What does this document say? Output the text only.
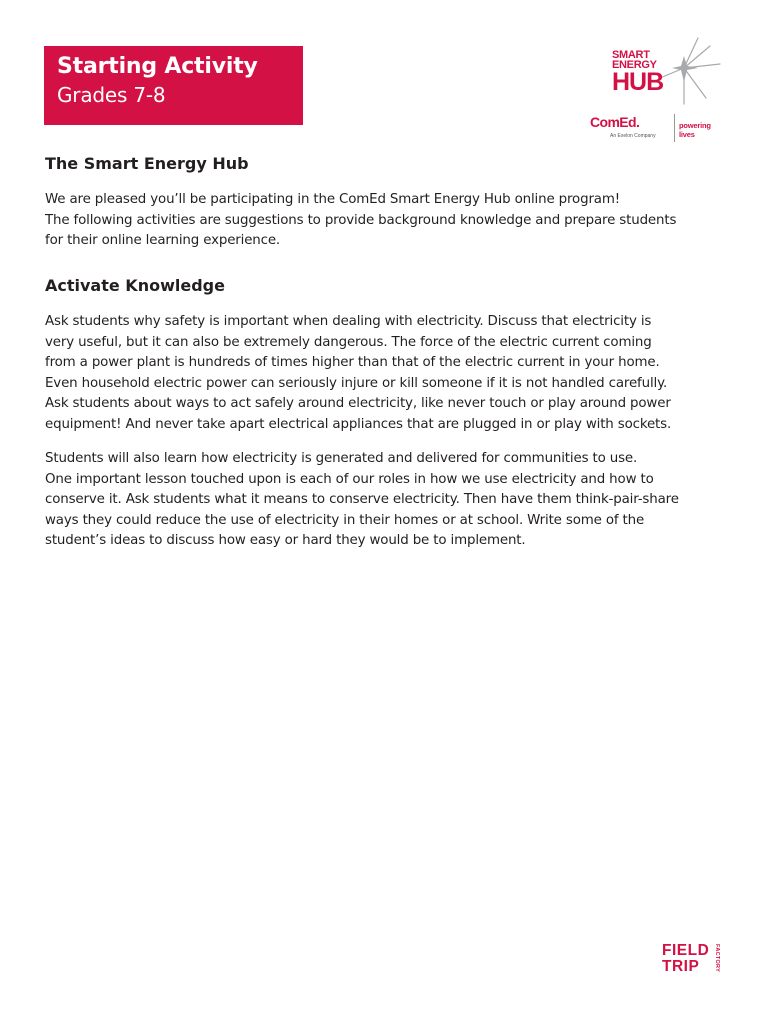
Starting Activity
Grades 7-8
SMART
ENERGY
HUB
ComEd.
An Exelon Company
powering lives
The Smart Energy Hub
We are pleased you’ll be participating in the ComEd Smart Energy Hub online program!
The following activities are suggestions to provide background knowledge and prepare students
for their online learning experience.
Activate Knowledge
Ask students why safety is important when dealing with electricity. Discuss that electricity is
very useful, but it can also be extremely dangerous. The force of the electric current coming
from a power plant is hundreds of times higher than that of the electric current in your home.
Even household electric power can seriously injure or kill someone if it is not handled carefully.
Ask students about ways to act safely around electricity, like never touch or play around power
equipment! And never take apart electrical appliances that are plugged in or play with sockets.
Students will also learn how electricity is generated and delivered for communities to use.
One important lesson touched upon is each of our roles in how we use electricity and how to
conserve it. Ask students what it means to conserve electricity. Then have them think-pair-share
ways they could reduce the use of electricity in their homes or at school. Write some of the
student’s ideas to discuss how easy or hard they would be to implement.
FIELD
TRIP	FACTORY
